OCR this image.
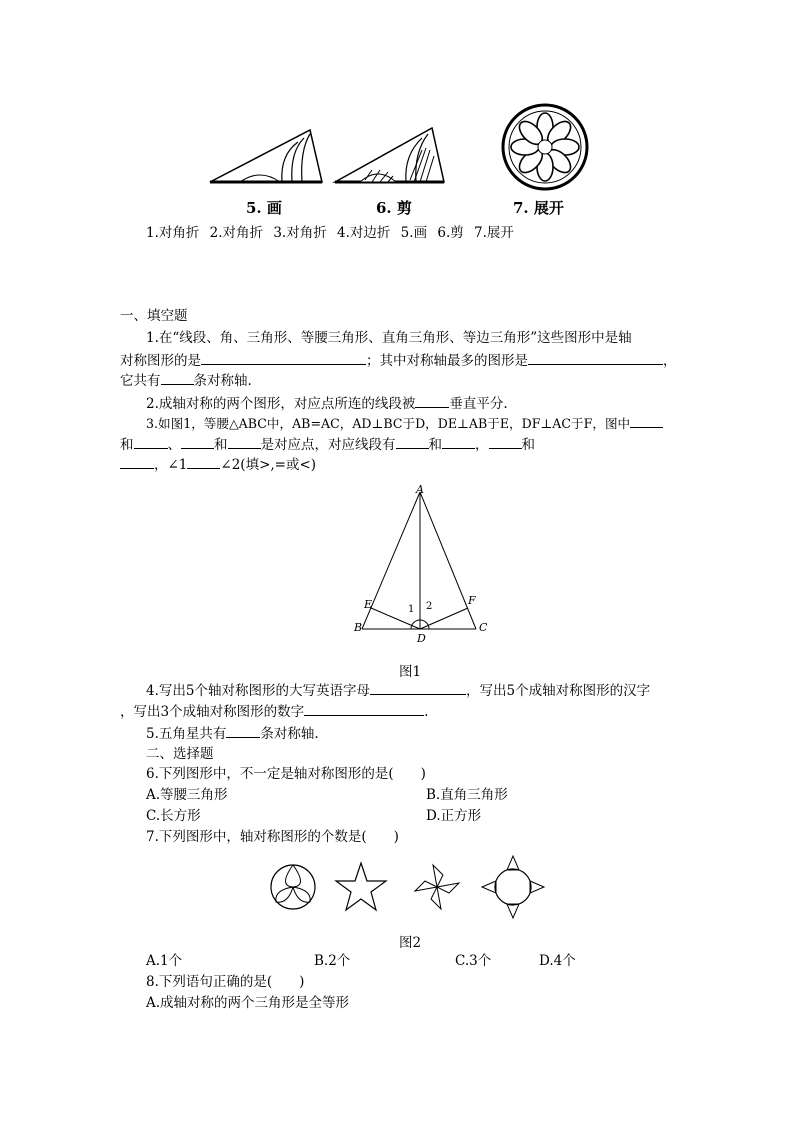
5. 画	6. 剪	7. 展开
1.对角折 2.对角折 3.对角折 4.对边折 5.画 6.剪 7.展开
一、填空题
1.在“线段、角、三角形、等腰三角形、直角三角形、等边三角形”这些图形中是轴
对称图形的是	；其中对称轴最多的图形是	，
它共有 条对称轴.
2.成轴对称的两个图形，对应点所连的线段被	垂直平分.
3.如图1，等腰△ABC中，AB=AC，AD⊥BC于D，DE⊥AB于E，DF⊥AC于F，图中
和	、 和 是对应点，对应线段有 和 ， 和
，∠1 ∠2(填>,=或<)
A
B	C
D
E	F
1 2
图1
4.写出5个轴对称图形的大写英语字母	，写出5个成轴对称图形的汉字
，写出3个成轴对称图形的数字	.
5.五角星共有	条对称轴.
二、选择题
6.下列图形中，不一定是轴对称图形的是(　　)
A.等腰三角形	B.直角三角形
C.长方形	D.正方形
7.下列图形中，轴对称图形的个数是(　　)
图2
A.1个	B.2个	C.3个	D.4个
8.下列语句正确的是(　　)
A.成轴对称的两个三角形是全等形
